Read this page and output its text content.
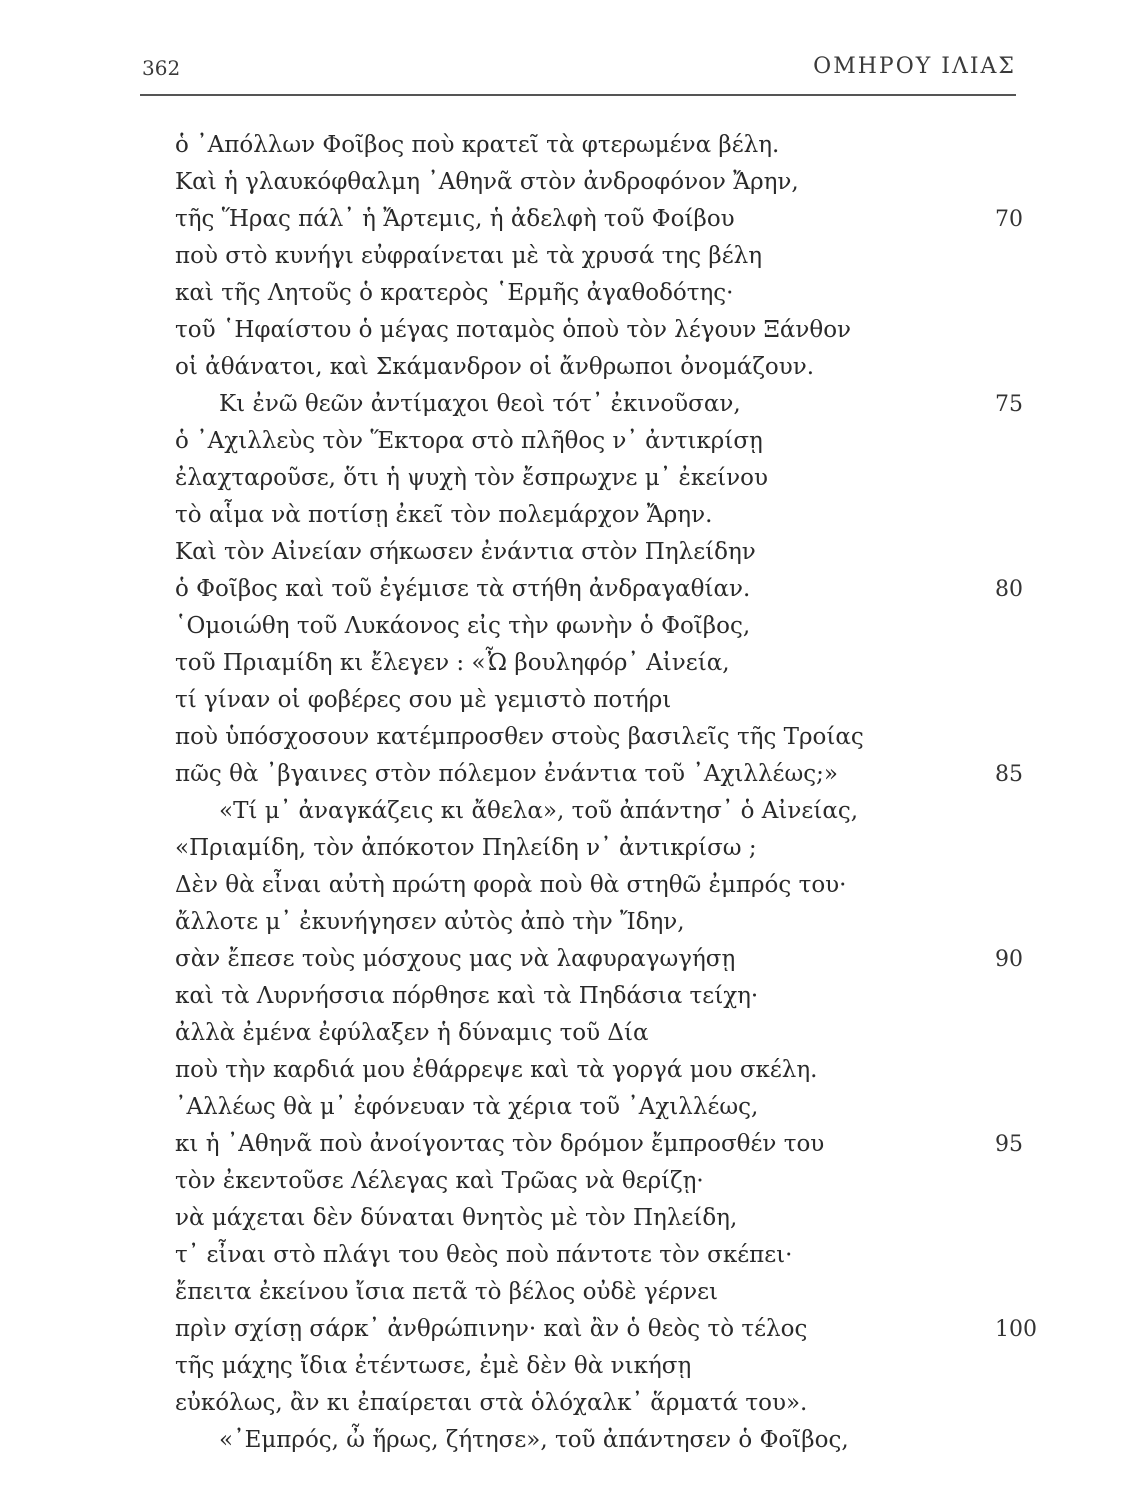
362	ΟΜΗΡΟΥ ΙΛΙΑΣ
ὁ ᾿Απόλλων Φοῖβος ποὺ κρατεῖ τὰ φτερωμένα βέλη.
Καὶ ἡ γλαυκόφθαλμη ᾿Αθηνᾶ στὸν ἀνδροφόνον Ἄρην,
τῆς Ἥρας πάλ᾿ ἡ Ἄρτεμις, ἡ ἀδελφὴ τοῦ Φοίβου	70
ποὺ στὸ κυνήγι εὐφραίνεται μὲ τὰ χρυσά της βέλη
καὶ τῆς Λητοῦς ὁ κρατερὸς ῾Ερμῆς ἀγαθοδότης·
τοῦ ῾Ηφαίστου ὁ μέγας ποταμὸς ὁποὺ τὸν λέγουν Ξάνθον
οἱ ἀθάνατοι, καὶ Σκάμανδρον οἱ ἄνθρωποι ὀνομάζουν.
Κι ἐνῶ θεῶν ἀντίμαχοι θεοὶ τότ᾿ ἐκινοῦσαν,	75
ὁ ᾿Αχιλλεὺς τὸν Ἕκτορα στὸ πλῆθος ν᾿ ἀντικρίσῃ
ἐλαχταροῦσε, ὅτι ἡ ψυχὴ τὸν ἔσπρωχνε μ᾿ ἐκείνου
τὸ αἷμα νὰ ποτίσῃ ἐκεῖ τὸν πολεμάρχον Ἄρην.
Καὶ τὸν Αἰνείαν σήκωσεν ἐνάντια στὸν Πηλείδην
ὁ Φοῖβος καὶ τοῦ ἐγέμισε τὰ στήθη ἀνδραγαθίαν.	80
῾Ομοιώθη τοῦ Λυκάονος εἰς τὴν φωνὴν ὁ Φοῖβος,
τοῦ Πριαμίδη κι ἔλεγεν : «Ὦ βουληφόρ᾿ Αἰνεία,
τί γίναν οἱ φοβέρες σου μὲ γεμιστὸ ποτήρι
ποὺ ὑπόσχοσουν κατέμπροσθεν στοὺς βασιλεῖς τῆς Τροίας
πῶς θὰ ᾿βγαινες στὸν πόλεμον ἐνάντια τοῦ ᾿Αχιλλέως;»	85
«Τί μ᾿ ἀναγκάζεις κι ἄθελα», τοῦ ἀπάντησ᾿ ὁ Αἰνείας,
«Πριαμίδη, τὸν ἀπόκοτον Πηλείδη ν᾿ ἀντικρίσω ;
Δὲν θὰ εἶναι αὐτὴ πρώτη φορὰ ποὺ θὰ στηθῶ ἐμπρός του·
ἄλλοτε μ᾿ ἐκυνήγησεν αὐτὸς ἀπὸ τὴν Ἴδην,
σὰν ἔπεσε τοὺς μόσχους μας νὰ λαφυραγωγήσῃ	90
καὶ τὰ Λυρνήσσια πόρθησε καὶ τὰ Πηδάσια τείχη·
ἀλλὰ ἐμένα ἐφύλαξεν ἡ δύναμις τοῦ Δία
ποὺ τὴν καρδιά μου ἐθάρρεψε καὶ τὰ γοργά μου σκέλη.
᾿Αλλέως θὰ μ᾿ ἐφόνευαν τὰ χέρια τοῦ ᾿Αχιλλέως,
κι ἡ ᾿Αθηνᾶ ποὺ ἀνοίγοντας τὸν δρόμον ἔμπροσθέν του	95
τὸν ἐκεντοῦσε Λέλεγας καὶ Τρῶας νὰ θερίζῃ·
νὰ μάχεται δὲν δύναται θνητὸς μὲ τὸν Πηλείδη,
τ᾿ εἶναι στὸ πλάγι του θεὸς ποὺ πάντοτε τὸν σκέπει·
ἔπειτα ἐκείνου ἴσια πετᾶ τὸ βέλος οὐδὲ γέρνει
πρὶν σχίσῃ σάρκ᾿ ἀνθρώπινην· καὶ ἂν ὁ θεὸς τὸ τέλος	100
τῆς μάχης ἴδια ἐτέντωσε, ἐμὲ δὲν θὰ νικήσῃ
εὐκόλως, ἂν κι ἐπαίρεται στὰ ὁλόχαλκ᾿ ἅρματά του».
«᾿Εμπρός, ὦ ἥρως, ζήτησε», τοῦ ἀπάντησεν ὁ Φοῖβος,
